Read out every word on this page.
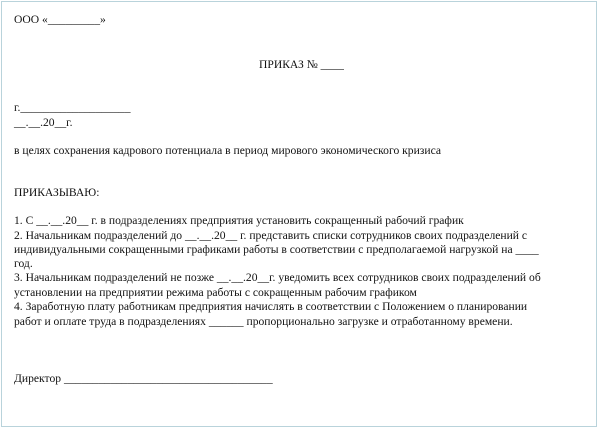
ООО «_________»
ПРИКАЗ № ____
г.___________________
__.__.20__г.
в целях сохранения кадрового потенциала в период мирового экономического кризиса
ПРИКАЗЫВАЮ:
1. С __.__.20__ г. в подразделениях предприятия установить сокращенный рабочий график
2. Начальникам подразделений до __.__.20__ г. представить списки сотрудников своих подразделений с
индивидуальными сокращенными графиками работы в соответствии с предполагаемой нагрузкой на ____
год.
3. Начальникам подразделений не позже __.__.20__г. уведомить всех сотрудников своих подразделений об
установлении на предприятии режима работы с сокращенным рабочим графиком
4. Заработную плату работникам предприятия начислять в соответствии с Положением о планировании
работ и оплате труда в подразделениях ______ пропорционально загрузке и отработанному времени.
Директор ____________________________________
